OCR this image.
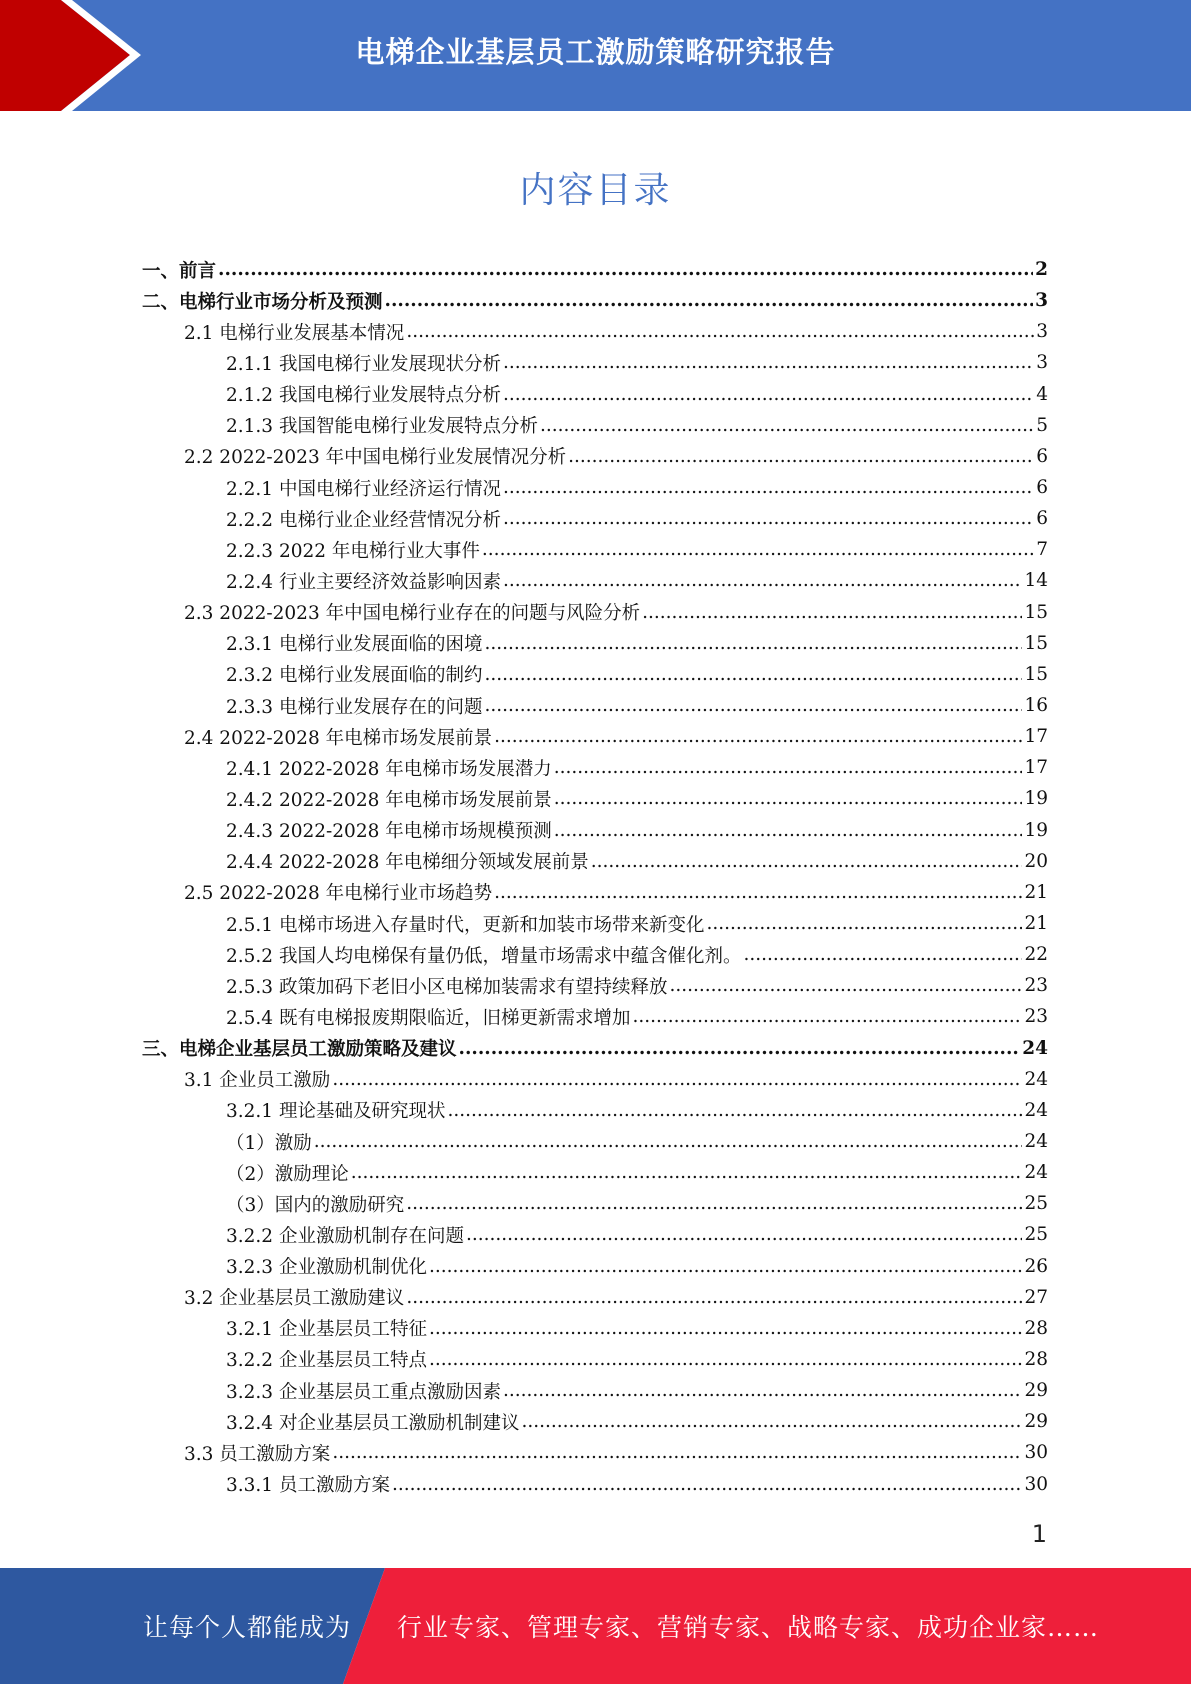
电梯企业基层员工激励策略研究报告
内容目录
一、前言 .....	2
二、电梯行业市场分析及预测 .....	3
2.1 电梯行业发展基本情况 .....	3
2.1.1 我国电梯行业发展现状分析 .....	3
2.1.2 我国电梯行业发展特点分析 .....	4
2.1.3 我国智能电梯行业发展特点分析 .....	5
2.2 2022-2023 年中国电梯行业发展情况分析 .....	6
2.2.1 中国电梯行业经济运行情况 .....	6
2.2.2 电梯行业企业经营情况分析 .....	6
2.2.3 2022 年电梯行业大事件 .....	7
2.2.4 行业主要经济效益影响因素 .....	14
2.3 2022-2023 年中国电梯行业存在的问题与风险分析 .....	15
2.3.1 电梯行业发展面临的困境 .....	15
2.3.2 电梯行业发展面临的制约 .....	15
2.3.3 电梯行业发展存在的问题 .....	16
2.4 2022-2028 年电梯市场发展前景 .....	17
2.4.1 2022-2028 年电梯市场发展潜力 .....	17
2.4.2 2022-2028 年电梯市场发展前景 .....	19
2.4.3 2022-2028 年电梯市场规模预测 .....	19
2.4.4 2022-2028 年电梯细分领域发展前景 .....	20
2.5 2022-2028 年电梯行业市场趋势 .....	21
2.5.1 电梯市场进入存量时代，更新和加装市场带来新变化 .....	21
2.5.2 我国人均电梯保有量仍低，增量市场需求中蕴含催化剂。 .....	22
2.5.3 政策加码下老旧小区电梯加装需求有望持续释放 .....	23
2.5.4 既有电梯报废期限临近，旧梯更新需求增加 .....	23
三、电梯企业基层员工激励策略及建议 .....	24
3.1 企业员工激励 .....	24
3.2.1 理论基础及研究现状 .....	24
（1）激励 .....	24
（2）激励理论 .....	24
（3）国内的激励研究 .....	25
3.2.2 企业激励机制存在问题 .....	25
3.2.3 企业激励机制优化 .....	26
3.2 企业基层员工激励建议 .....	27
3.2.1 企业基层员工特征 .....	28
3.2.2 企业基层员工特点 .....	28
3.2.3 企业基层员工重点激励因素 .....	29
3.2.4 对企业基层员工激励机制建议 .....	29
3.3 员工激励方案 .....	30
3.3.1 员工激励方案 .....	30
1
让每个人都能成为 行业专家、管理专家、营销专家、战略专家、成功企业家……
